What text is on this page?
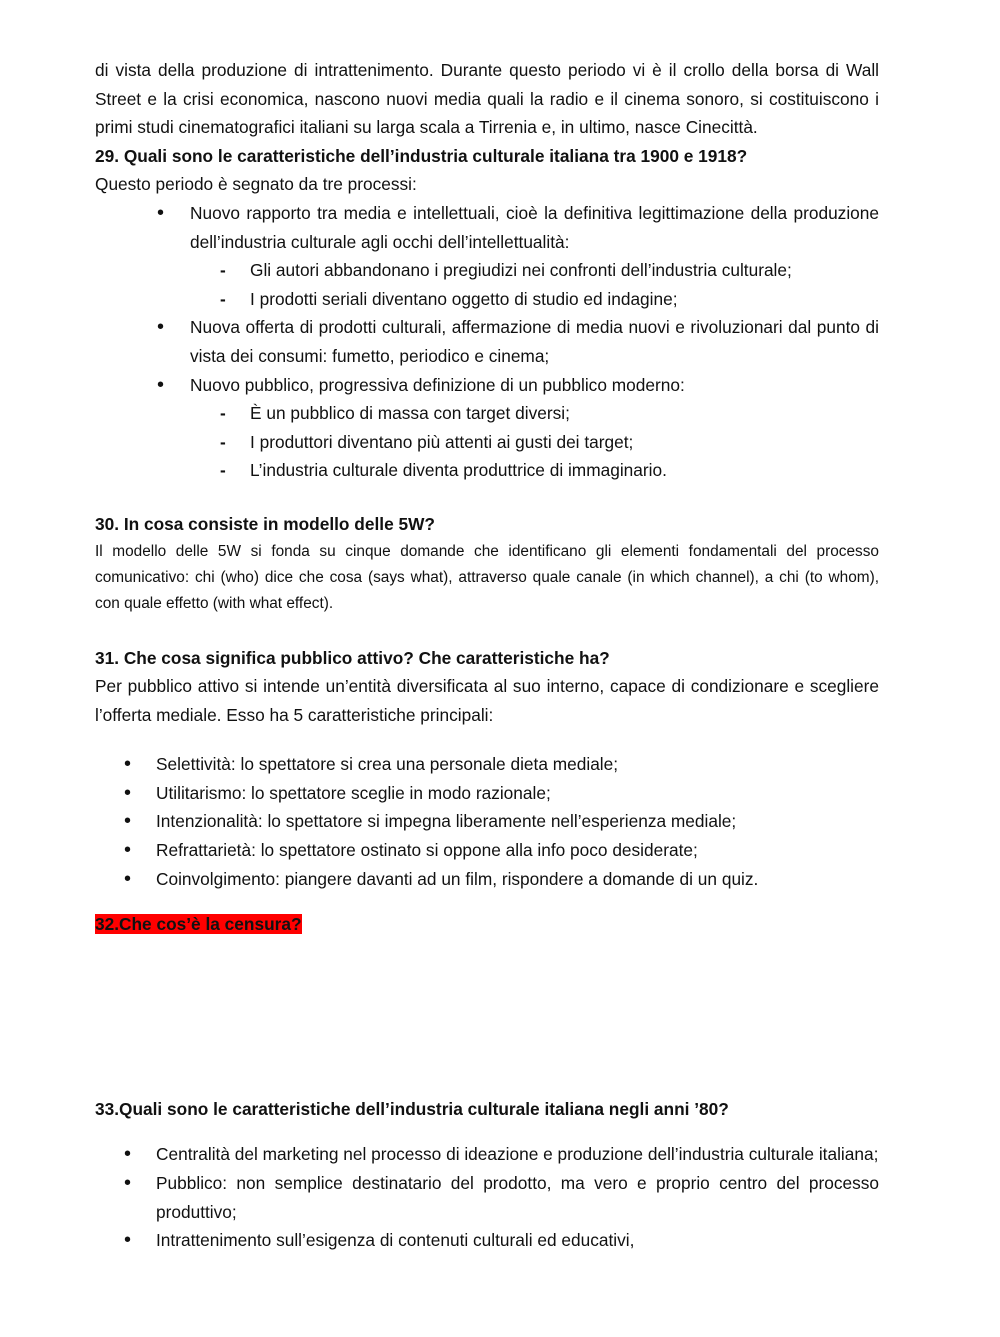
di vista della produzione di intrattenimento. Durante questo periodo vi è il crollo della borsa di Wall Street e la crisi economica, nascono nuovi media quali la radio e il cinema sonoro, si costituiscono i primi studi cinematografici italiani su larga scala a Tirrenia e, in ultimo, nasce Cinecittà.

29. Quali sono le caratteristiche dell’industria culturale italiana tra 1900 e 1918?

Questo periodo è segnato da tre processi:

• Nuovo rapporto tra media e intellettuali, cioè la definitiva legittimazione della produzione dell’industria culturale agli occhi dell’intellettualità:
- Gli autori abbandonano i pregiudizi nei confronti dell’industria culturale;
- I prodotti seriali diventano oggetto di studio ed indagine;
• Nuova offerta di prodotti culturali, affermazione di media nuovi e rivoluzionari dal punto di vista dei consumi: fumetto, periodico e cinema;
• Nuovo pubblico, progressiva definizione di un pubblico moderno:
- È un pubblico di massa con target diversi;
- I produttori diventano più attenti ai gusti dei target;
- L’industria culturale diventa produttrice di immaginario.

30. In cosa consiste in modello delle 5W?

Il modello delle 5W si fonda su cinque domande che identificano gli elementi fondamentali del processo comunicativo: chi (who) dice che cosa (says what), attraverso quale canale (in which channel), a chi (to whom), con quale effetto (with what effect).

31. Che cosa significa pubblico attivo? Che caratteristiche ha?

Per pubblico attivo si intende un’entità diversificata al suo interno, capace di condizionare e scegliere l’offerta mediale. Esso ha 5 caratteristiche principali:

• Selettività: lo spettatore si crea una personale dieta mediale;
• Utilitarismo: lo spettatore sceglie in modo razionale;
• Intenzionalità: lo spettatore si impegna liberamente nell’esperienza mediale;
• Refrattarietà: lo spettatore ostinato si oppone alla info poco desiderate;
• Coinvolgimento: piangere davanti ad un film, rispondere a domande di un quiz.

32.Che cos’è la censura?

33.Quali sono le caratteristiche dell’industria culturale italiana negli anni ’80?

• Centralità del marketing nel processo di ideazione e produzione dell’industria culturale italiana;
• Pubblico: non semplice destinatario del prodotto, ma vero e proprio centro del processo produttivo;
• Intrattenimento sull’esigenza di contenuti culturali ed educativi,
